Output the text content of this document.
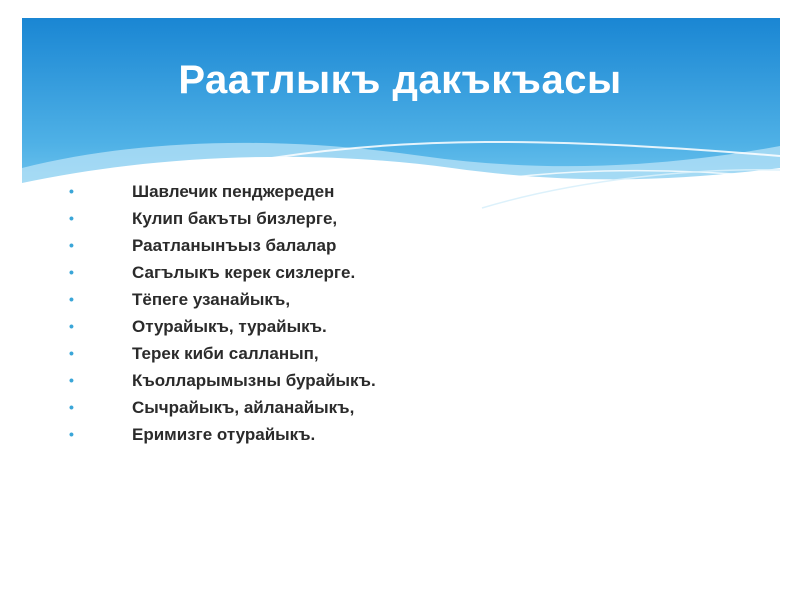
Раатлыкъ дакъкъасы
•	Шавлечик пенджереден
•	Кулип бакъты бизлерге,
•	Раатланынъыз балалар
•	Сагълыкъ керек сизлерге.
•	Тёпеге узанайыкъ,
•	Отурайыкъ, турайыкъ.
•	Терек киби салланып,
•	Къолларымызны бурайыкъ.
•	Сычрайыкъ, айланайыкъ,
•	Еримизге отурайыкъ.
